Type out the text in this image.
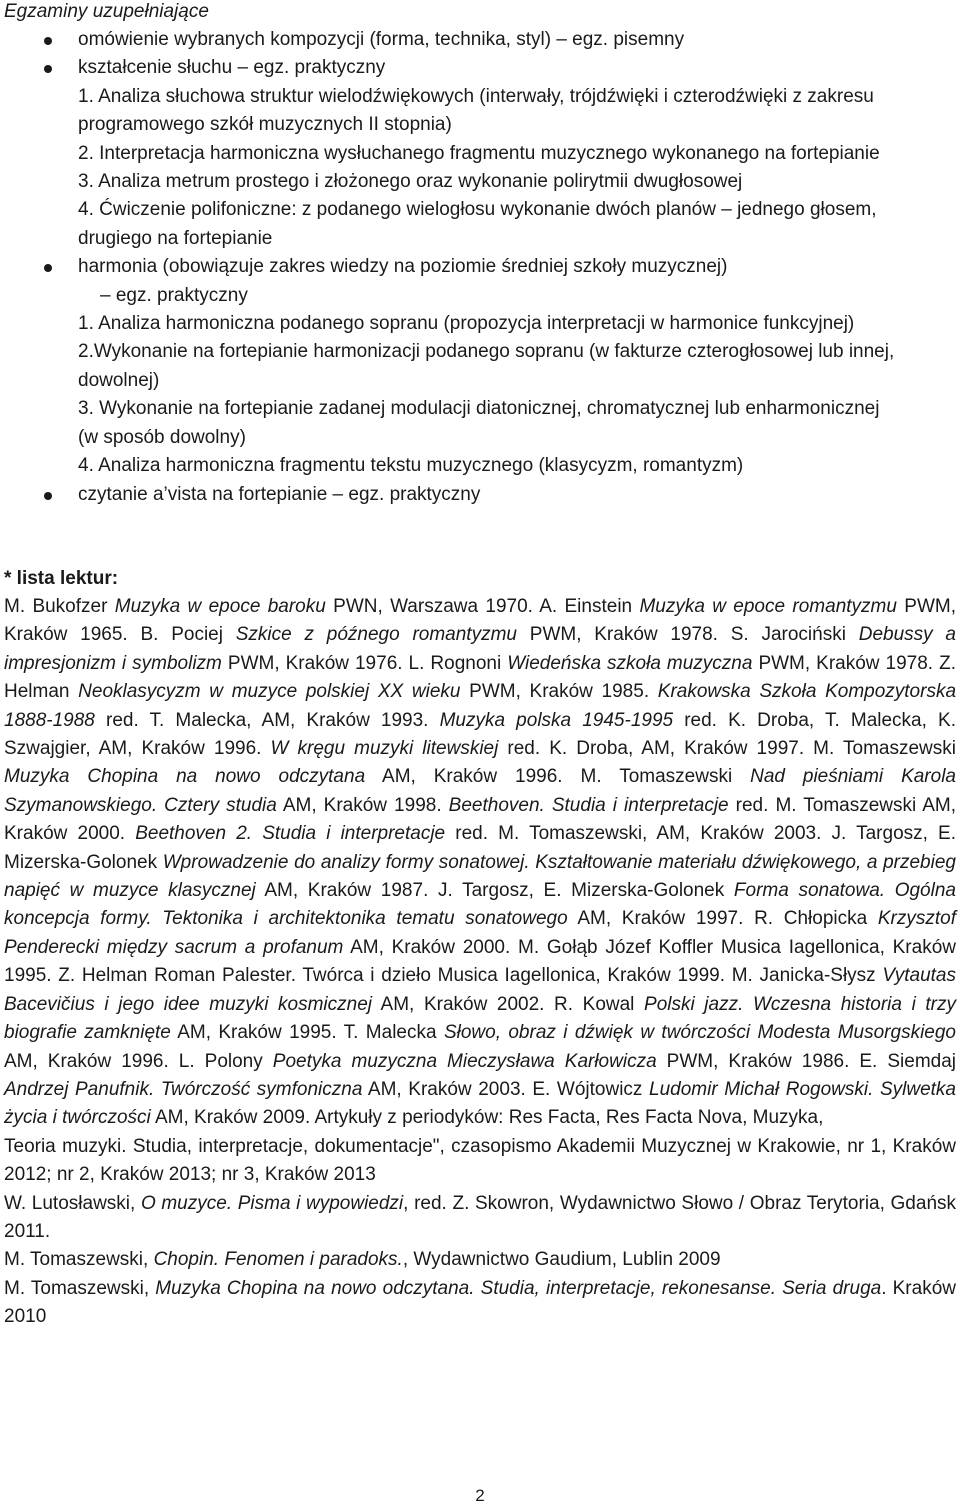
Egzaminy uzupełniające
omówienie wybranych kompozycji (forma, technika, styl) – egz. pisemny
kształcenie słuchu – egz. praktyczny
1. Analiza słuchowa struktur wielodźwiękowych (interwały, trójdźwięki i czterodźwięki z zakresu programowego szkół muzycznych II stopnia)
2. Interpretacja harmoniczna wysłuchanego fragmentu muzycznego wykonanego na fortepianie
3. Analiza metrum prostego i złożonego oraz wykonanie polirytmii dwugłosowej
4. Ćwiczenie polifoniczne: z podanego wielogłosu wykonanie dwóch planów – jednego głosem, drugiego na fortepianie
harmonia (obowiązuje zakres wiedzy na poziomie średniej szkoły muzycznej)
– egz. praktyczny
1. Analiza harmoniczna podanego sopranu (propozycja interpretacji w harmonice funkcyjnej)
2.Wykonanie na fortepianie harmonizacji podanego sopranu (w fakturze czterogłosowej lub innej, dowolnej)
3. Wykonanie na fortepianie zadanej modulacji diatonicznej, chromatycznej lub enharmonicznej (w sposób dowolny)
4. Analiza harmoniczna fragmentu tekstu muzycznego (klasycyzm, romantyzm)
czytanie a’vista na fortepianie – egz. praktyczny
* lista lektur:

M. Bukofzer Muzyka w epoce baroku PWN, Warszawa 1970. A. Einstein Muzyka w epoce romantyzmu PWM, Kraków 1965. B. Pociej Szkice z późnego romantyzmu PWM, Kraków 1978. S. Jarociński Debussy a impresjonizm i symbolizm PWM, Kraków 1976. L. Rognoni Wiedeńska szkoła muzyczna PWM, Kraków 1978. Z. Helman Neoklasycyzm w muzyce polskiej XX wieku PWM, Kraków 1985. Krakowska Szkoła Kompozytorska 1888-1988 red. T. Malecka, AM, Kraków 1993. Muzyka polska 1945-1995 red. K. Droba, T. Malecka, K. Szwajgier, AM, Kraków 1996. W kręgu muzyki litewskiej red. K. Droba, AM, Kraków 1997. M. Tomaszewski Muzyka Chopina na nowo odczytana AM, Kraków 1996. M. Tomaszewski Nad pieśniami Karola Szymanowskiego. Cztery studia AM, Kraków 1998. Beethoven. Studia i interpretacje red. M. Tomaszewski AM, Kraków 2000. Beethoven 2. Studia i interpretacje red. M. Tomaszewski, AM, Kraków 2003. J. Targosz, E. Mizerska-Golonek Wprowadzenie do analizy formy sonatowej. Kształtowanie materiału dźwiękowego, a przebieg napięć w muzyce klasycznej AM, Kraków 1987. J. Targosz, E. Mizerska-Golonek Forma sonatowa. Ogólna koncepcja formy. Tektonika i architektonika tematu sonatowego AM, Kraków 1997. R. Chłopicka Krzysztof Penderecki między sacrum a profanum AM, Kraków 2000. M. Gołąb Józef Koffler Musica Iagellonica, Kraków 1995. Z. Helman Roman Palester. Twórca i dzieło Musica Iagellonica, Kraków 1999. M. Janicka-Słysz Vytautas Bacevičius i jego idee muzyki kosmicznej AM, Kraków 2002. R. Kowal Polski jazz. Wczesna historia i trzy biografie zamknięte AM, Kraków 1995. T. Malecka Słowo, obraz i dźwięk w twórczości Modesta Musorgskiego AM, Kraków 1996. L. Polony Poetyka muzyczna Mieczysława Karłowicza PWM, Kraków 1986. E. Siemdaj Andrzej Panufnik. Twórczość symfoniczna AM, Kraków 2003. E. Wójtowicz Ludomir Michał Rogowski. Sylwetka życia i twórczości AM, Kraków 2009. Artykuły z periodyków: Res Facta, Res Facta Nova, Muzyka,

Teoria muzyki. Studia, interpretacje, dokumentacje", czasopismo Akademii Muzycznej w Krakowie, nr 1, Kraków 2012; nr 2, Kraków 2013; nr 3, Kraków 2013

W. Lutosławski, O muzyce. Pisma i wypowiedzi, red. Z. Skowron, Wydawnictwo Słowo / Obraz Terytoria, Gdańsk 2011.

M. Tomaszewski, Chopin. Fenomen i paradoks., Wydawnictwo Gaudium, Lublin 2009

M. Tomaszewski, Muzyka Chopina na nowo odczytana. Studia, interpretacje, rekonesanse. Seria druga. Kraków 2010

2
